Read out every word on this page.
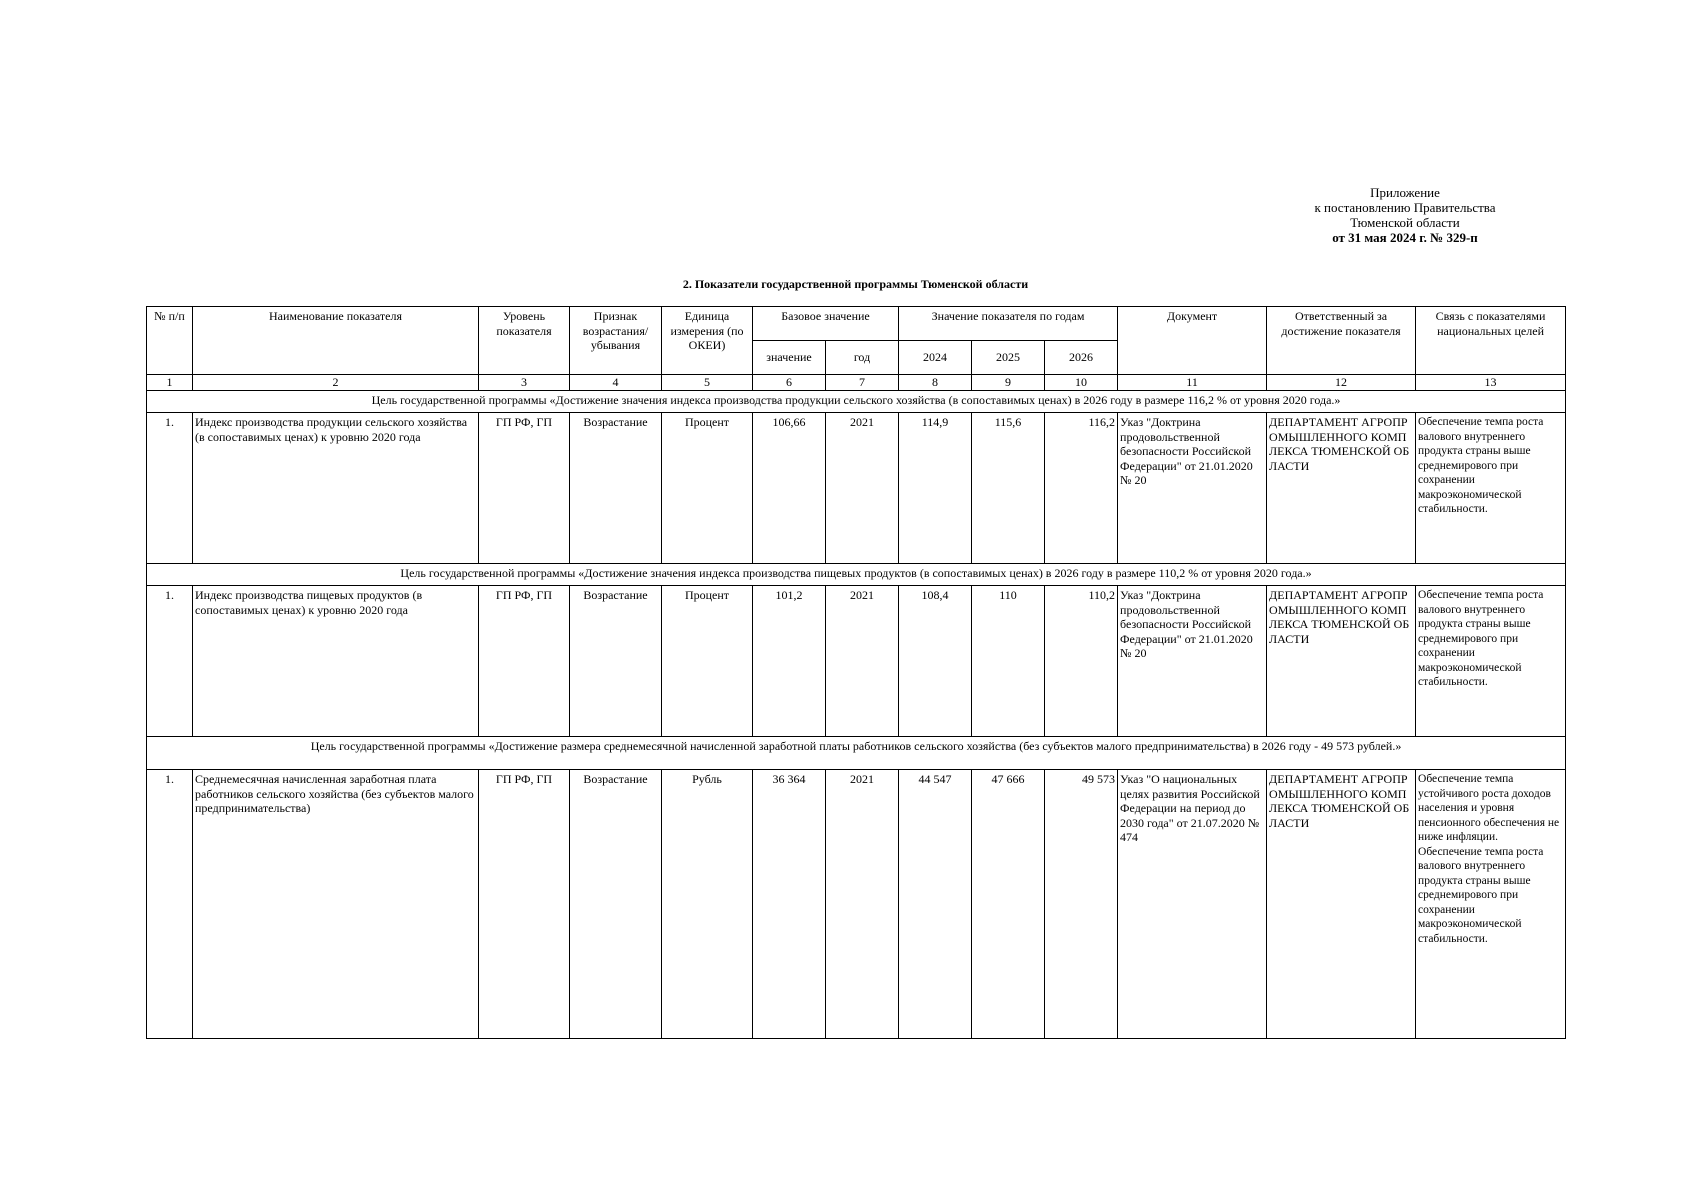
Приложение
к постановлению Правительства
Тюменской области
от 31 мая 2024 г. № 329-п
2. Показатели государственной программы Тюменской области
№ п/п	Наименование показателя	Уровень показателя	Признак возрастания/ убывания	Единица измерения (по ОКЕИ)	Базовое значение		Значение показателя по годам			Документ	Ответственный за достижение показателя	Связь с показателями национальных целей
					значение	год	2024	2025	2026			
1	2	3	4	5	6	7	8	9	10	11	12	13
Цель государственной программы «Достижение значения индекса производства продукции сельского хозяйства (в сопоставимых ценах) в 2026 году в размере 116,2 % от уровня 2020 года.»												
1.	Индекс производства продукции сельского хозяйства (в сопоставимых ценах) к уровню 2020 года	ГП РФ, ГП	Возрастание	Процент	106,66	2021	114,9	115,6	116,2	Указ "Доктрина продовольственной безопасности Российской Федерации" от 21.01.2020 № 20	ДЕПАРТАМЕНТ АГРОПРОМЫШЛЕННОГО КОМПЛЕКСА ТЮМЕНСКОЙ ОБЛАСТИ	Обеспечение темпа роста валового внутреннего продукта страны выше среднемирового при сохранении макроэкономической стабильности.
Цель государственной программы «Достижение значения индекса производства пищевых продуктов (в сопоставимых ценах) в 2026 году в размере 110,2 % от уровня 2020 года.»												
1.	Индекс производства пищевых продуктов (в сопоставимых ценах) к уровню 2020 года	ГП РФ, ГП	Возрастание	Процент	101,2	2021	108,4	110	110,2	Указ "Доктрина продовольственной безопасности Российской Федерации" от 21.01.2020 № 20	ДЕПАРТАМЕНТ АГРОПРОМЫШЛЕННОГО КОМПЛЕКСА ТЮМЕНСКОЙ ОБЛАСТИ	Обеспечение темпа роста валового внутреннего продукта страны выше среднемирового при сохранении макроэкономической стабильности.
Цель государственной программы «Достижение размера среднемесячной начисленной заработной платы работников сельского хозяйства (без субъектов малого предпринимательства) в 2026 году - 49 573 рублей.»												
1.	Среднемесячная начисленная заработная плата работников сельского хозяйства (без субъектов малого предпринимательства)	ГП РФ, ГП	Возрастание	Рубль	36 364	2021	44 547	47 666	49 573	Указ "О национальных целях развития Российской Федерации на период до 2030 года" от 21.07.2020 № 474	ДЕПАРТАМЕНТ АГРОПРОМЫШЛЕННОГО КОМПЛЕКСА ТЮМЕНСКОЙ ОБЛАСТИ	Обеспечение темпа устойчивого роста доходов населения и уровня пенсионного обеспечения не ниже инфляции. Обеспечение темпа роста валового внутреннего продукта страны выше среднемирового при сохранении макроэкономической стабильности.
